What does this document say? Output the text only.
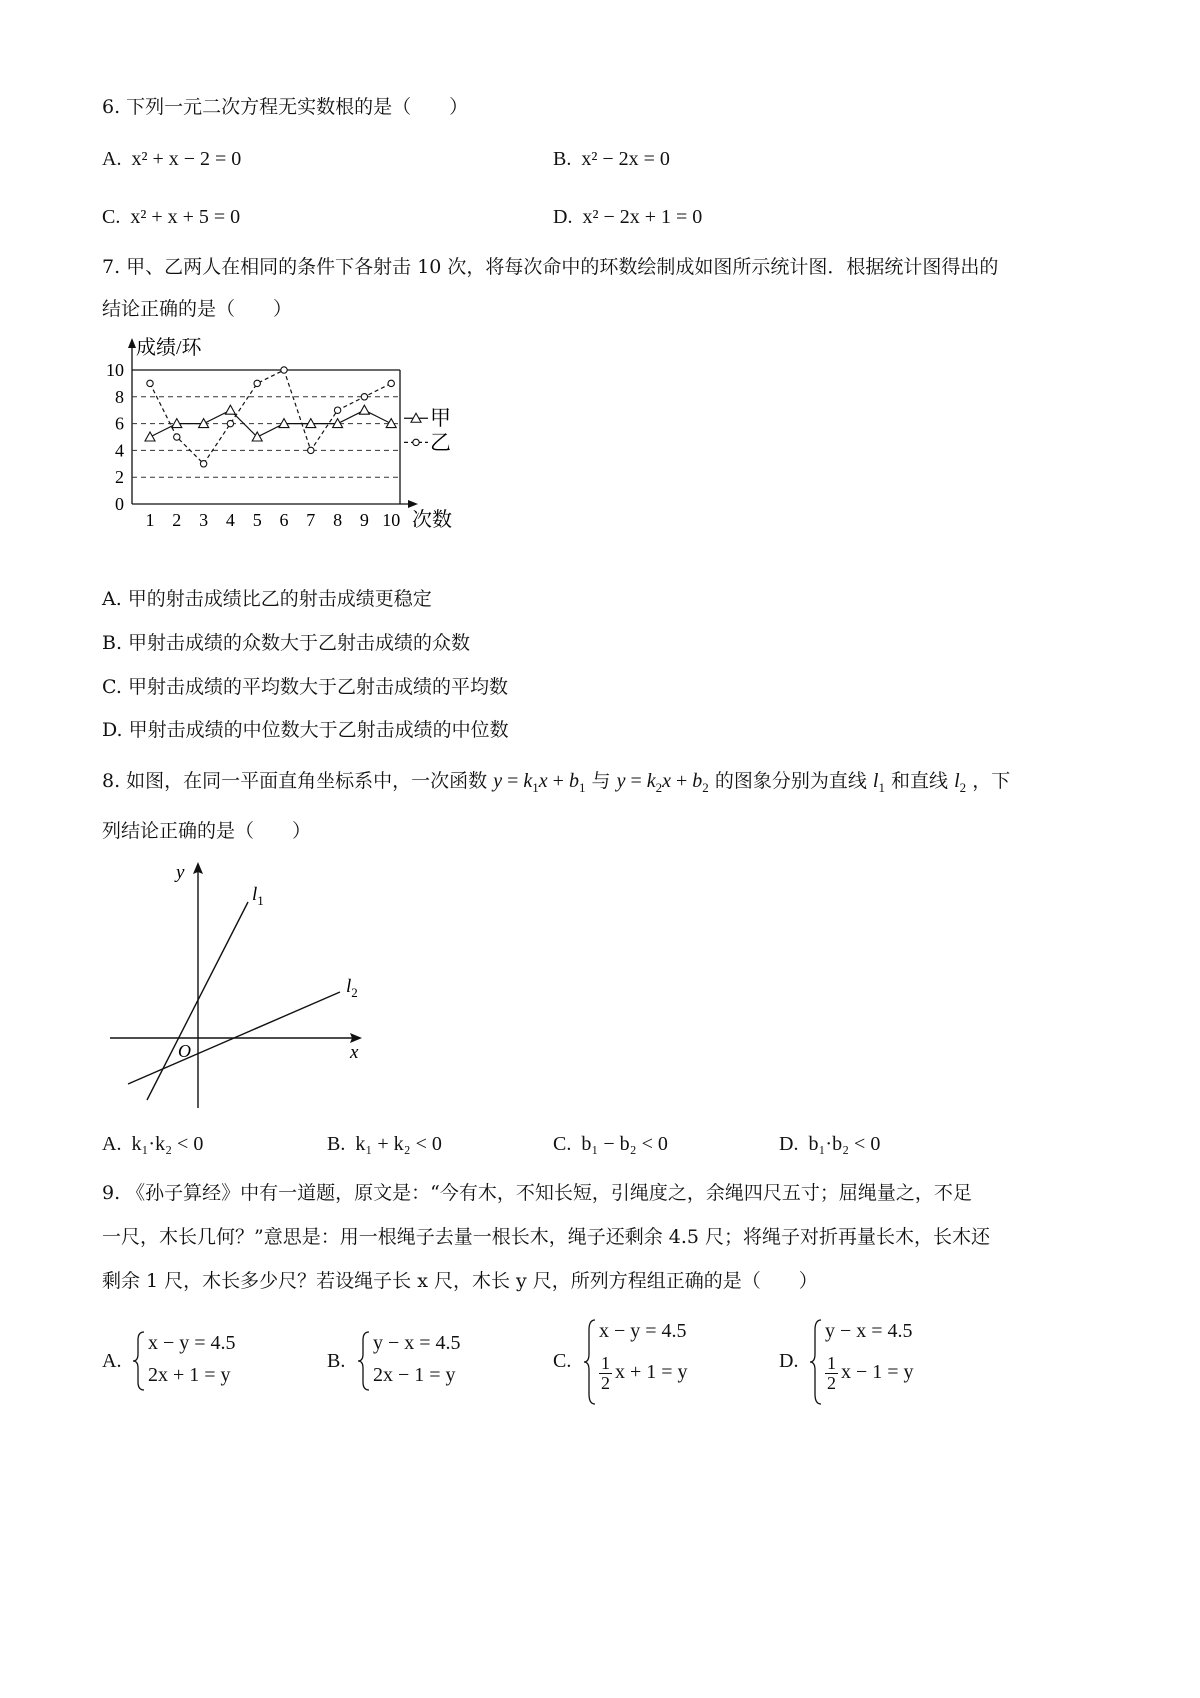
6. 下列一元二次方程无实数根的是（　　）
A. x² + x − 2 = 0	B. x² − 2x = 0
C. x² + x + 5 = 0	D. x² − 2x + 1 = 0
7. 甲、乙两人在相同的条件下各射击 10 次，将每次命中的环数绘制成如图所示统计图．根据统计图得出的
结论正确的是（　　）
0
2
4
6
8
10
1 2 3 4 5 6 7 8 9 10
成绩/环
次数
甲
乙
A. 甲的射击成绩比乙的射击成绩更稳定
B. 甲射击成绩的众数大于乙射击成绩的众数
C. 甲射击成绩的平均数大于乙射击成绩的平均数
D. 甲射击成绩的中位数大于乙射击成绩的中位数
8. 如图，在同一平面直角坐标系中，一次函数 $y = k_1x + b_1$ 与 $y = k_2x + b_2$ 的图象分别为直线 $l_1$ 和直线 $l_2$ ，下
列结论正确的是（　　）
y
x
O
$l_1$
$l_2$
A. k₁·k₂ < 0	B. k₁ + k₂ < 0	C. b₁ − b₂ < 0	D. b₁·b₂ < 0
9. 《孙子算经》中有一道题，原文是：“今有木，不知长短，引绳度之，余绳四尺五寸；屈绳量之，不足
一尺，木长几何？”意思是：用一根绳子去量一根长木，绳子还剩余 4.5 尺；将绳子对折再量长木，长木还
剩余 1 尺，木长多少尺？若设绳子长 x 尺，木长 y 尺，所列方程组正确的是（　　）
A.
x − y = 4.5
2x + 1 = y
B.
y − x = 4.5
2x − 1 = y
C.
x − y = 4.5
$\frac{1}{2}$ x + 1 = y	D.
y − x = 4.5
$\frac{1}{2}$ x − 1 = y
